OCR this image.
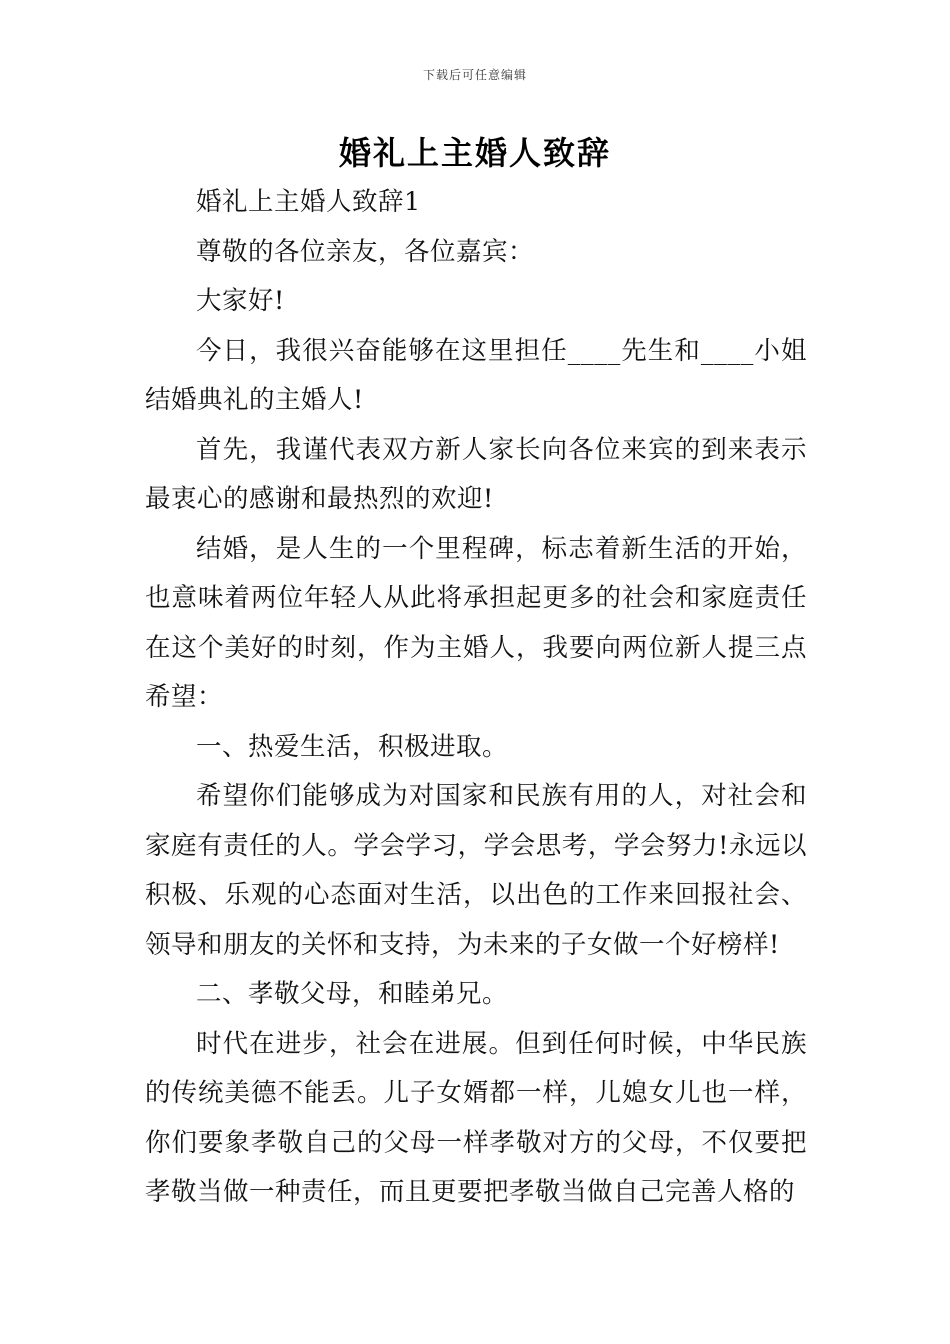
下载后可任意编辑
婚礼上主婚人致辞

婚礼上主婚人致辞1

尊敬的各位亲友，各位嘉宾：

大家好!

今日，我很兴奋能够在这里担任____先生和____小姐结婚典礼的主婚人!

首先，我谨代表双方新人家长向各位来宾的到来表示最衷心的感谢和最热烈的欢迎!

结婚，是人生的一个里程碑，标志着新生活的开始，也意味着两位年轻人从此将承担起更多的社会和家庭责任在这个美好的时刻，作为主婚人，我要向两位新人提三点希望：

一、热爱生活，积极进取。

希望你们能够成为对国家和民族有用的人，对社会和家庭有责任的人。学会学习，学会思考，学会努力!永远以积极、乐观的心态面对生活，以出色的工作来回报社会、领导和朋友的关怀和支持，为未来的子女做一个好榜样!

二、孝敬父母，和睦弟兄。

时代在进步，社会在进展。但到任何时候，中华民族的传统美德不能丢。儿子女婿都一样，儿媳女儿也一样，你们要象孝敬自己的父母一样孝敬对方的父母，不仅要把孝敬当做一种责任，而且更要把孝敬当做自己完善人格的
